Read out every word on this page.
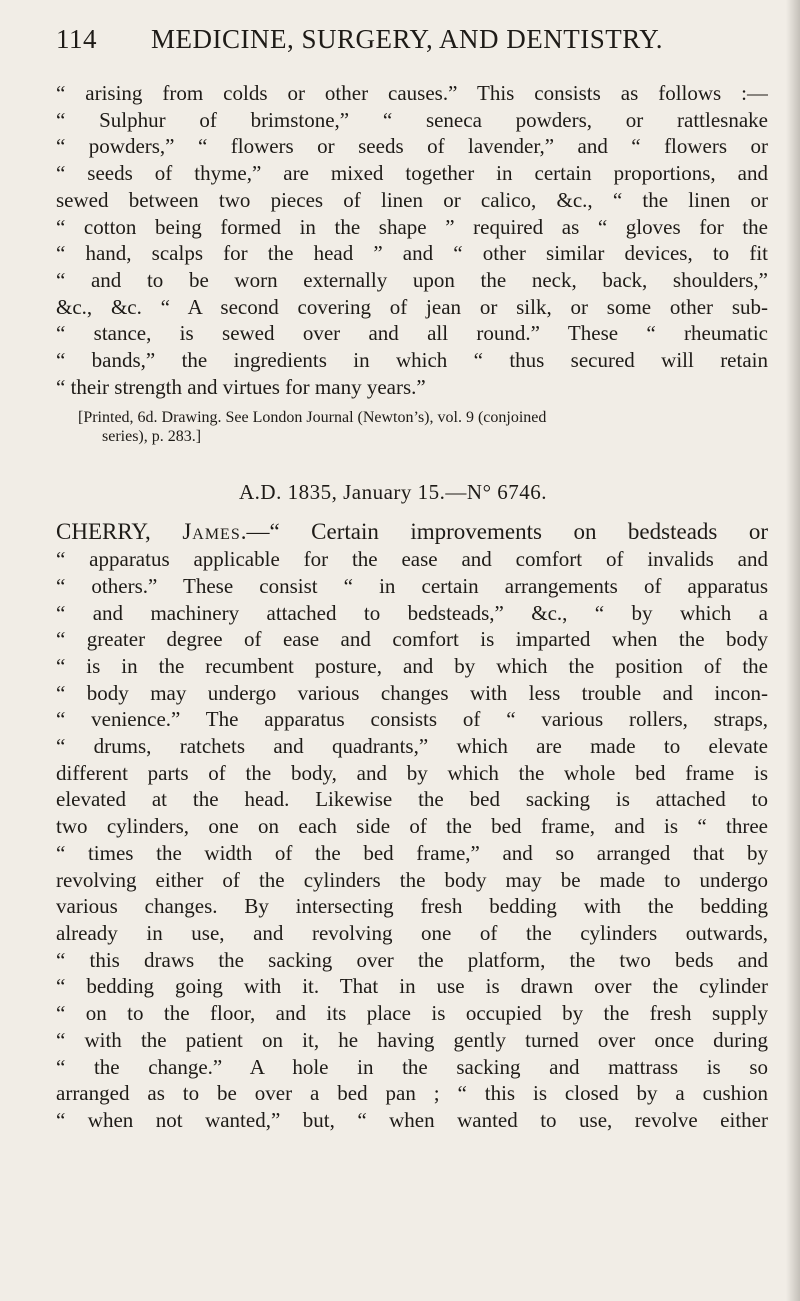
114	MEDICINE, SURGERY, AND DENTISTRY.
“ arising from colds or other causes.” This consists as follows :—
“ Sulphur of brimstone,” “ seneca powders, or rattlesnake
“ powders,” “ flowers or seeds of lavender,” and “ flowers or
“ seeds of thyme,” are mixed together in certain proportions, and
sewed between two pieces of linen or calico, &c., “ the linen or
“ cotton being formed in the shape ” required as “ gloves for the
“ hand, scalps for the head ” and “ other similar devices, to fit
“ and to be worn externally upon the neck, back, shoulders,”
&c., &c. “ A second covering of jean or silk, or some other sub-
“ stance, is sewed over and all round.” These “ rheumatic
“ bands,” the ingredients in which “ thus secured will retain
“ their strength and virtues for many years.”
[Printed, 6d. Drawing. See London Journal (Newton’s), vol. 9 (conjoined
series), p. 283.]
A.D. 1835, January 15.—N° 6746.
CHERRY, James.—“ Certain improvements on bedsteads or
“ apparatus applicable for the ease and comfort of invalids and
“ others.” These consist “ in certain arrangements of apparatus
“ and machinery attached to bedsteads,” &c., “ by which a
“ greater degree of ease and comfort is imparted when the body
“ is in the recumbent posture, and by which the position of the
“ body may undergo various changes with less trouble and incon-
“ venience.” The apparatus consists of “ various rollers, straps,
“ drums, ratchets and quadrants,” which are made to elevate
different parts of the body, and by which the whole bed frame is
elevated at the head. Likewise the bed sacking is attached to
two cylinders, one on each side of the bed frame, and is “ three
“ times the width of the bed frame,” and so arranged that by
revolving either of the cylinders the body may be made to undergo
various changes. By intersecting fresh bedding with the bedding
already in use, and revolving one of the cylinders outwards,
“ this draws the sacking over the platform, the two beds and
“ bedding going with it. That in use is drawn over the cylinder
“ on to the floor, and its place is occupied by the fresh supply
“ with the patient on it, he having gently turned over once during
“ the change.” A hole in the sacking and mattrass is so
arranged as to be over a bed pan ; “ this is closed by a cushion
“ when not wanted,” but, “ when wanted to use, revolve either
